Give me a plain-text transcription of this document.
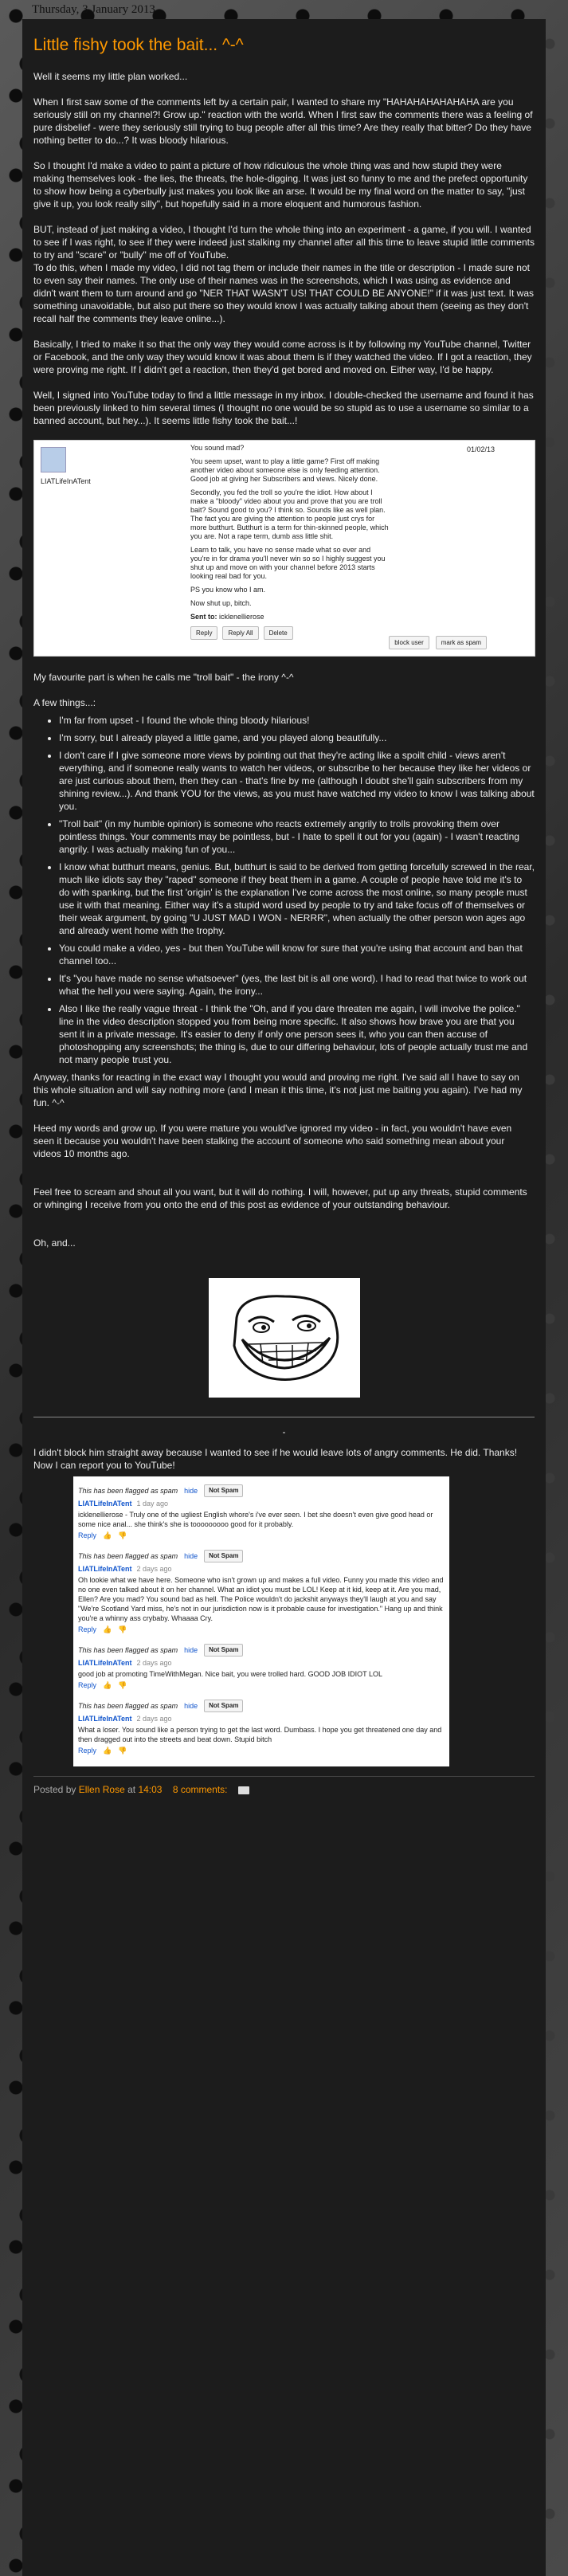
Thursday, 3 January 2013
Little fishy took the bait... ^-^

Well it seems my little plan worked...

When I first saw some of the comments left by a certain pair, I wanted to share my "HAHAHAHAHAHAHA are you seriously still on my channel?! Grow up." reaction with the world. When I first saw the comments there was a feeling of pure disbelief - were they seriously still trying to bug people after all this time? Are they really that bitter? Do they have nothing better to do...? It was bloody hilarious.

So I thought I'd make a video to paint a picture of how ridiculous the whole thing was and how stupid they were making themselves look - the lies, the threats, the hole-digging. It was just so funny to me and the prefect opportunity to show how being a cyberbully just makes you look like an arse. It would be my final word on the matter to say, "just give it up, you look really silly", but hopefully said in a more eloquent and humorous fashion.

BUT, instead of just making a video, I thought I'd turn the whole thing into an experiment - a game, if you will. I wanted to see if I was right, to see if they were indeed just stalking my channel after all this time to leave stupid little comments to try and "scare" or "bully" me off of YouTube.
To do this, when I made my video, I did not tag them or include their names in the title or description - I made sure not to even say their names. The only use of their names was in the screenshots, which I was using as evidence and didn't want them to turn around and go "NER THAT WASN'T US! THAT COULD BE ANYONE!" if it was just text. It was something unavoidable, but also put there so they would know I was actually talking about them (seeing as they don't recall half the comments they leave online...).

Basically, I tried to make it so that the only way they would come across is it by following my YouTube channel, Twitter or Facebook, and the only way they would know it was about them is if they watched the video. If I got a reaction, they were proving me right. If I didn't get a reaction, then they'd get bored and moved on. Either way, I'd be happy.

Well, I signed into YouTube today to find a little message in my inbox. I double-checked the username and found it has been previously linked to him several times (I thought no one would be so stupid as to use a username so similar to a banned account, but hey...). It seems little fishy took the bait...!

LIATLifeInATent
01/02/13

You sound mad?

You seem upset, want to play a little game? First off making another video about someone else is only feeding attention. Good job at giving her Subscribers and views. Nicely done.

Secondly, you fed the troll so you're the idiot. How about I make a "bloody" video about you and prove that you are troll bait? Sound good to you? I think so. Sounds like as well plan. The fact you are giving the attention to people just crys for more butthurt. Butthurt is a term for thin-skinned people, which you are. Not a rape term, dumb ass little shit.

Learn to talk, you have no sense made what so ever and you're in for drama you'll never win so so I highly suggest you shut up and move on with your channel before 2013 starts looking real bad for you.

PS you know who I am.

Now shut up, bitch.

Sent to: icklenellierose

Reply	Reply All	Delete
block user	mark as spam

My favourite part is when he calls me "troll bait" - the irony ^-^

A few things...:

• I'm far from upset - I found the whole thing bloody hilarious!
• I'm sorry, but I already played a little game, and you played along beautifully...
• I don't care if I give someone more views by pointing out that they're acting like a spoilt child - views aren't everything, and if someone really wants to watch her videos, or subscribe to her because they like her videos or are just curious about them, then they can - that's fine by me (although I doubt she'll gain subscribers from my shining review...). And thank YOU for the views, as you must have watched my video to know I was talking about you.
• "Troll bait" (in my humble opinion) is someone who reacts extremely angrily to trolls provoking them over pointless things. Your comments may be pointless, but - I hate to spell it out for you (again) - I wasn't reacting angrily. I was actually making fun of you...
• I know what butthurt means, genius. But, butthurt is said to be derived from getting forcefully screwed in the rear, much like idiots say they "raped" someone if they beat them in a game. A couple of people have told me it's to do with spanking, but the first 'origin' is the explanation I've come across the most online, so many people must use it with that meaning. Either way it's a stupid word used by people to try and take focus off of themselves or their weak argument, by going "U JUST MAD I WON - NERRR", when actually the other person won ages ago and already went home with the trophy.
• You could make a video, yes - but then YouTube will know for sure that you're using that account and ban that channel too...
• It's "you have made no sense whatsoever" (yes, the last bit is all one word). I had to read that twice to work out what the hell you were saying. Again, the irony...
• Also I like the really vague threat - I think the "Oh, and if you dare threaten me again, I will involve the police." line in the video description stopped you from being more specific. It also shows how brave you are that you sent it in a private message. It's easier to deny if only one person sees it, who you can then accuse of photoshopping any screenshots; the thing is, due to our differing behaviour, lots of people actually trust me and not many people trust you.

Anyway, thanks for reacting in the exact way I thought you would and proving me right. I've said all I have to say on this whole situation and will say nothing more (and I mean it this time, it's not just me baiting you again). I've had my fun. ^-^

Heed my words and grow up. If you were mature you would've ignored my video - in fact, you wouldn't have even seen it because you wouldn't have been stalking the account of someone who said something mean about your videos 10 months ago.

Feel free to scream and shout all you want, but it will do nothing. I will, however, put up any threats, stupid comments or whinging I receive from you onto the end of this post as evidence of your outstanding behaviour.

Oh, and...

-

I didn't block him straight away because I wanted to see if he would leave lots of angry comments. He did. Thanks! Now I can report you to YouTube!

This has been flagged as spam hide	Not Spam
LIATLifeInATent 1 day ago
icklenellierose - Truly one of the ugliest English whore's i've ever seen. I bet she doesn't even give good head or some nice anal... she think's she is tooooooooo good for it probably.
Reply 👍 👎
This has been flagged as spam hide	Not Spam
LIATLifeInATent 2 days ago
Oh lookie what we have here. Someone who isn't grown up and makes a full video. Funny you made this video and no one even talked about it on her channel. What an idiot you must be LOL! Keep at it kid, keep at it. Are you mad, Ellen? Are you mad? You sound bad as hell. The Police wouldn't do jackshit anyways they'll laugh at you and say "We're Scotland Yard miss, he's not in our jurisdiction now is it probable cause for investigation." Hang up and think you're a whinny ass crybaby. Whaaaa Cry.
Reply 👍 👎
This has been flagged as spam hide	Not Spam
LIATLifeInATent 2 days ago
good job at promoting TimeWithMegan. Nice bait, you were trolled hard. GOOD JOB IDIOT LOL
Reply 👍 👎
This has been flagged as spam hide	Not Spam
LIATLifeInATent 2 days ago
What a loser. You sound like a person trying to get the last word. Dumbass. I hope you get threatened one day and then dragged out into the streets and beat down. Stupid bitch
Reply 👍 👎
Posted by Ellen Rose at 14:03 8 comments:
